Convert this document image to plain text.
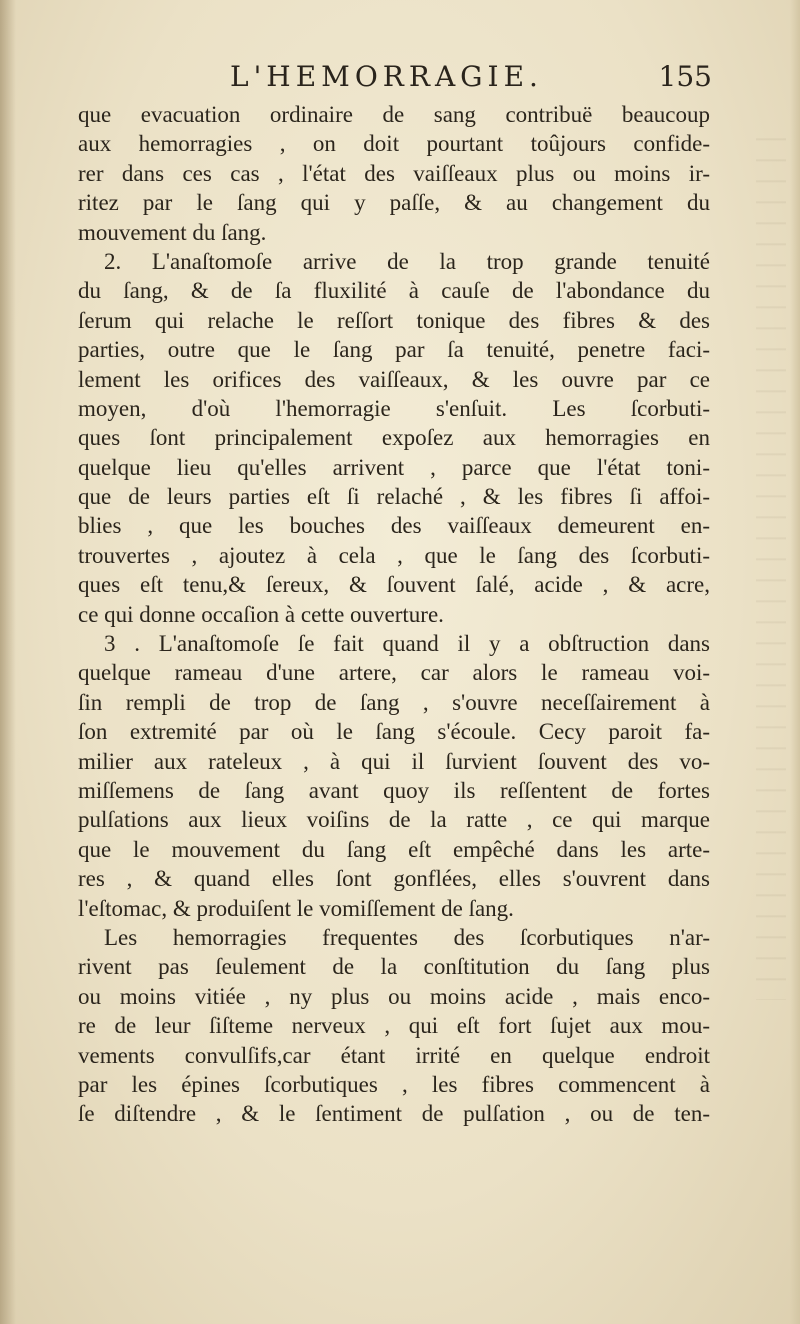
L'HEMORRAGIE.	155
que evacuation ordinaire de sang contribuë beaucoup
aux hemorragies , on doit pourtant toûjours confide-
rer dans ces cas , l'état des vaiſſeaux plus ou moins ir-
ritez par le ſang qui y paſſe, & au changement du
mouvement du ſang.
2. L'anaſtomoſe arrive de la trop grande tenuité
du ſang, & de ſa fluxilité à cauſe de l'abondance du
ſerum qui relache le reſſort tonique des fibres & des
parties, outre que le ſang par ſa tenuité, penetre faci-
lement les orifices des vaiſſeaux, & les ouvre par ce
moyen, d'où l'hemorragie s'enſuit. Les ſcorbuti-
ques ſont principalement expoſez aux hemorragies en
quelque lieu qu'elles arrivent , parce que l'état toni-
que de leurs parties eſt ſi relaché , & les fibres ſi affoi-
blies , que les bouches des vaiſſeaux demeurent en-
trouvertes , ajoutez à cela , que le ſang des ſcorbuti-
ques eſt tenu,& ſereux, & ſouvent ſalé, acide , & acre,
ce qui donne occaſion à cette ouverture.
3 . L'anaſtomoſe ſe fait quand il y a obſtruction dans
quelque rameau d'une artere, car alors le rameau voi-
ſin rempli de trop de ſang , s'ouvre neceſſairement à
ſon extremité par où le ſang s'écoule. Cecy paroit fa-
milier aux rateleux , à qui il ſurvient ſouvent des vo-
miſſemens de ſang avant quoy ils reſſentent de fortes
pulſations aux lieux voiſins de la ratte , ce qui marque
que le mouvement du ſang eſt empêché dans les arte-
res , & quand elles ſont gonflées, elles s'ouvrent dans
l'eſtomac, & produiſent le vomiſſement de ſang.
Les hemorragies frequentes des ſcorbutiques n'ar-
rivent pas ſeulement de la conſtitution du ſang plus
ou moins vitiée , ny plus ou moins acide , mais enco-
re de leur ſiſteme nerveux , qui eſt fort ſujet aux mou-
vements convulſifs,car étant irrité en quelque endroit
par les épines ſcorbutiques , les fibres commencent à
ſe diſtendre , & le ſentiment de pulſation , ou de ten-
